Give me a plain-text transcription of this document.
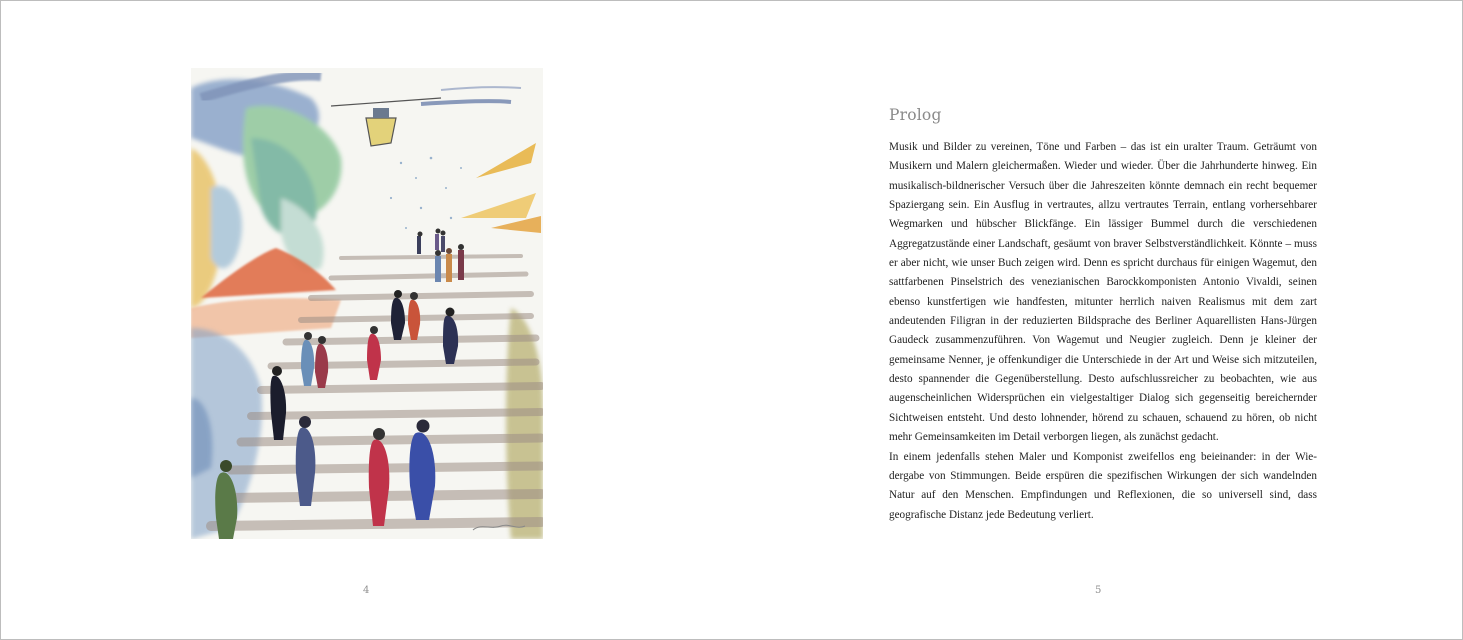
4
Prolog

Musik und Bilder zu vereinen, Töne und Farben – das ist ein uralter Traum. Geträumt von Musikern und Malern gleichermaßen. Wieder und wieder. Über die Jahrhunderte hinweg. Ein musikalisch-bildnerischer Versuch über die Jahreszeiten könnte demnach ein recht bequemer Spaziergang sein. Ein Ausflug in vertrautes, allzu vertrautes Terrain, entlang vorhersehbarer Wegmarken und hübscher Blickfänge. Ein lässiger Bummel durch die verschiedenen Aggregatzustände einer Landschaft, gesäumt von braver Selbstverständlichkeit. Könnte – muss er aber nicht, wie unser Buch zeigen wird. Denn es spricht durchaus für einigen Wagemut, den sattfarbenen Pinselstrich des venezianischen Barockkomponisten Antonio Vivaldi, seinen ebenso kunstfertigen wie handfesten, mitunter herrlich naiven Realismus mit dem zart andeutenden Filigran in der reduzierten Bildsprache des Berliner Aquarellisten Hans-Jürgen Gaudeck zusammenzuführen. Von Wagemut und Neugier zugleich. Denn je kleiner der gemeinsame Nenner, je offenkundiger die Unterschiede in der Art und Weise sich mitzuteilen, desto spannender die Gegenüberstellung. Desto aufschlussreicher zu beobachten, wie aus augenscheinlichen Widersprüchen ein vielgestaltiger Dialog sich gegenseitig bereichernder Sichtweisen entsteht. Und desto lohnender, hörend zu schauen, schauend zu hören, ob nicht mehr Gemeinsamkeiten im Detail verborgen liegen, als zunächst gedacht.

In einem jedenfalls stehen Maler und Komponist zweifellos eng beieinander: in der Wiedergabe von Stimmungen. Beide erspüren die spezifischen Wirkungen der sich wandelnden Natur auf den Menschen. Empfindungen und Reflexionen, die so universell sind, dass geografische Distanz jede Bedeutung verliert.

5
